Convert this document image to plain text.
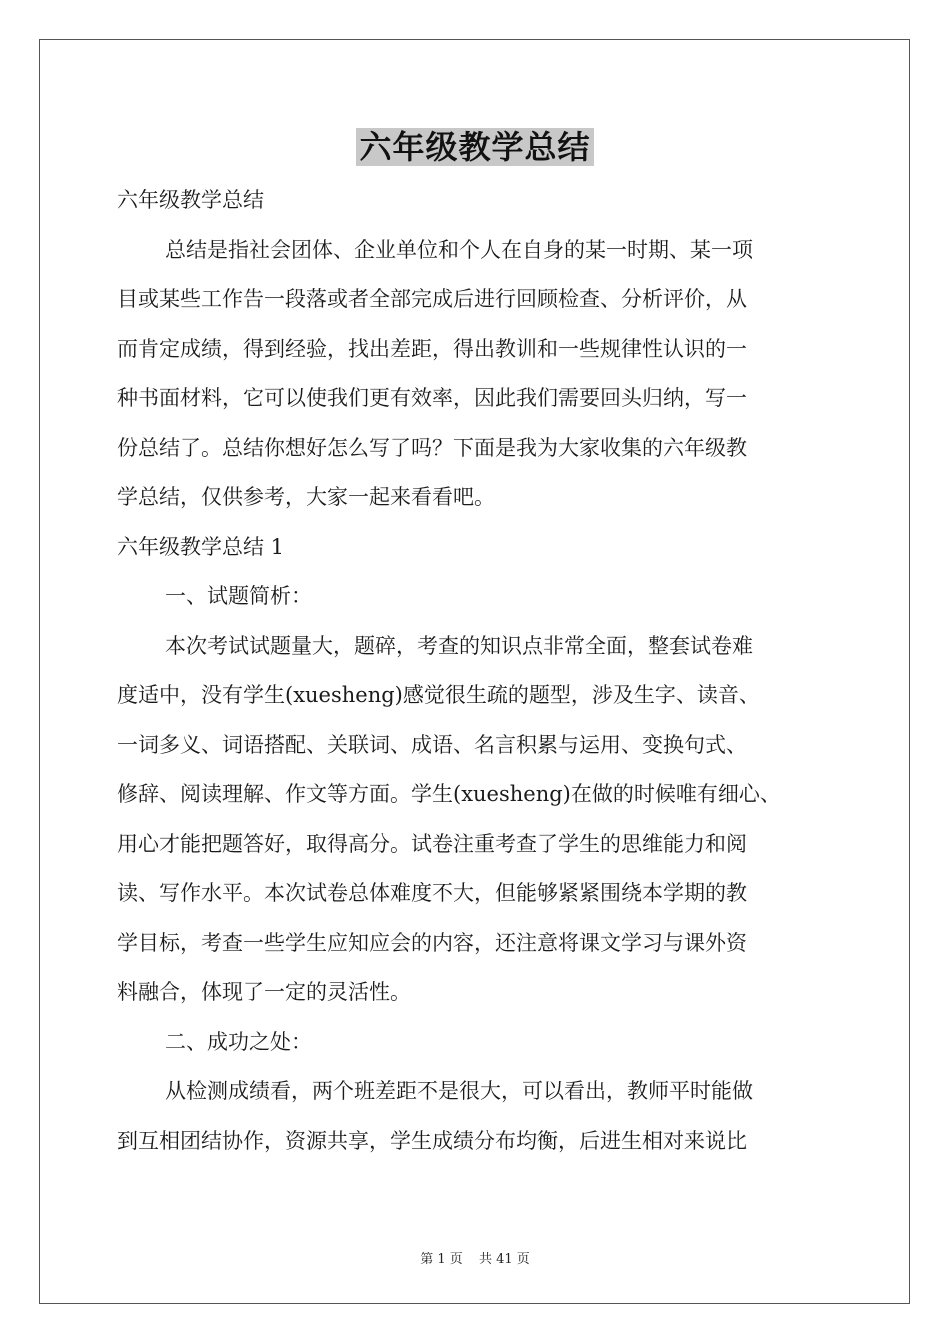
六年级教学总结
六年级教学总结
总结是指社会团体、企业单位和个人在自身的某一时期、某一项
目或某些工作告一段落或者全部完成后进行回顾检查、分析评价，从
而肯定成绩，得到经验，找出差距，得出教训和一些规律性认识的一
种书面材料，它可以使我们更有效率，因此我们需要回头归纳，写一
份总结了。总结你想好怎么写了吗？下面是我为大家收集的六年级教
学总结，仅供参考，大家一起来看看吧。
六年级教学总结 1
一、试题简析：
本次考试试题量大，题碎，考查的知识点非常全面，整套试卷难
度适中，没有学生(xuesheng)感觉很生疏的题型，涉及生字、读音、
一词多义、词语搭配、关联词、成语、名言积累与运用、变换句式、
修辞、阅读理解、作文等方面。学生(xuesheng)在做的时候唯有细心、
用心才能把题答好，取得高分。试卷注重考查了学生的思维能力和阅
读、写作水平。本次试卷总体难度不大，但能够紧紧围绕本学期的教
学目标，考查一些学生应知应会的内容，还注意将课文学习与课外资
料融合，体现了一定的灵活性。
二、成功之处：
从检测成绩看，两个班差距不是很大，可以看出，教师平时能做
到互相团结协作，资源共享，学生成绩分布均衡，后进生相对来说比
第 1 页 共 41 页
